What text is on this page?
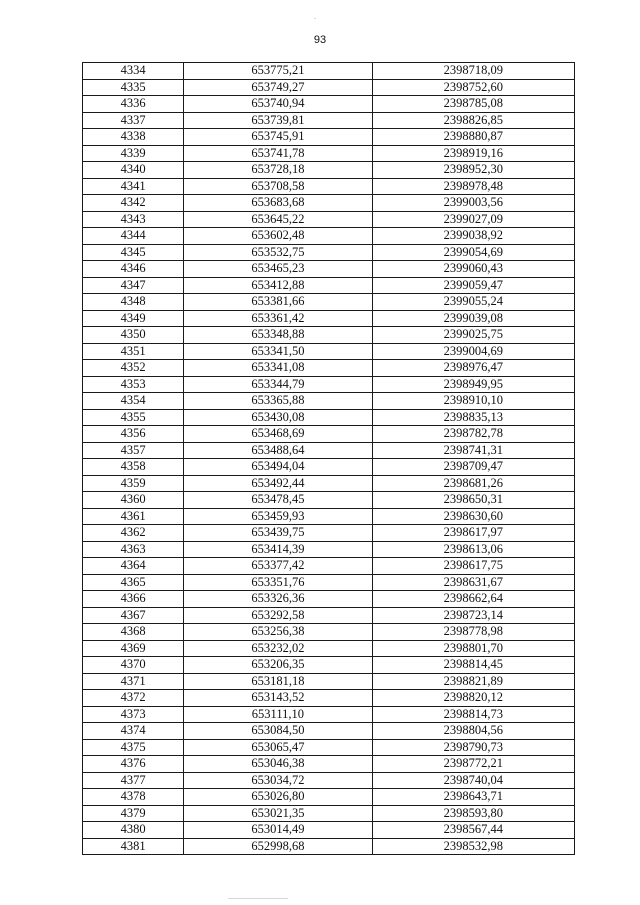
93
4334	653775,21	2398718,09
4335	653749,27	2398752,60
4336	653740,94	2398785,08
4337	653739,81	2398826,85
4338	653745,91	2398880,87
4339	653741,78	2398919,16
4340	653728,18	2398952,30
4341	653708,58	2398978,48
4342	653683,68	2399003,56
4343	653645,22	2399027,09
4344	653602,48	2399038,92
4345	653532,75	2399054,69
4346	653465,23	2399060,43
4347	653412,88	2399059,47
4348	653381,66	2399055,24
4349	653361,42	2399039,08
4350	653348,88	2399025,75
4351	653341,50	2399004,69
4352	653341,08	2398976,47
4353	653344,79	2398949,95
4354	653365,88	2398910,10
4355	653430,08	2398835,13
4356	653468,69	2398782,78
4357	653488,64	2398741,31
4358	653494,04	2398709,47
4359	653492,44	2398681,26
4360	653478,45	2398650,31
4361	653459,93	2398630,60
4362	653439,75	2398617,97
4363	653414,39	2398613,06
4364	653377,42	2398617,75
4365	653351,76	2398631,67
4366	653326,36	2398662,64
4367	653292,58	2398723,14
4368	653256,38	2398778,98
4369	653232,02	2398801,70
4370	653206,35	2398814,45
4371	653181,18	2398821,89
4372	653143,52	2398820,12
4373	653111,10	2398814,73
4374	653084,50	2398804,56
4375	653065,47	2398790,73
4376	653046,38	2398772,21
4377	653034,72	2398740,04
4378	653026,80	2398643,71
4379	653021,35	2398593,80
4380	653014,49	2398567,44
4381	652998,68	2398532,98
